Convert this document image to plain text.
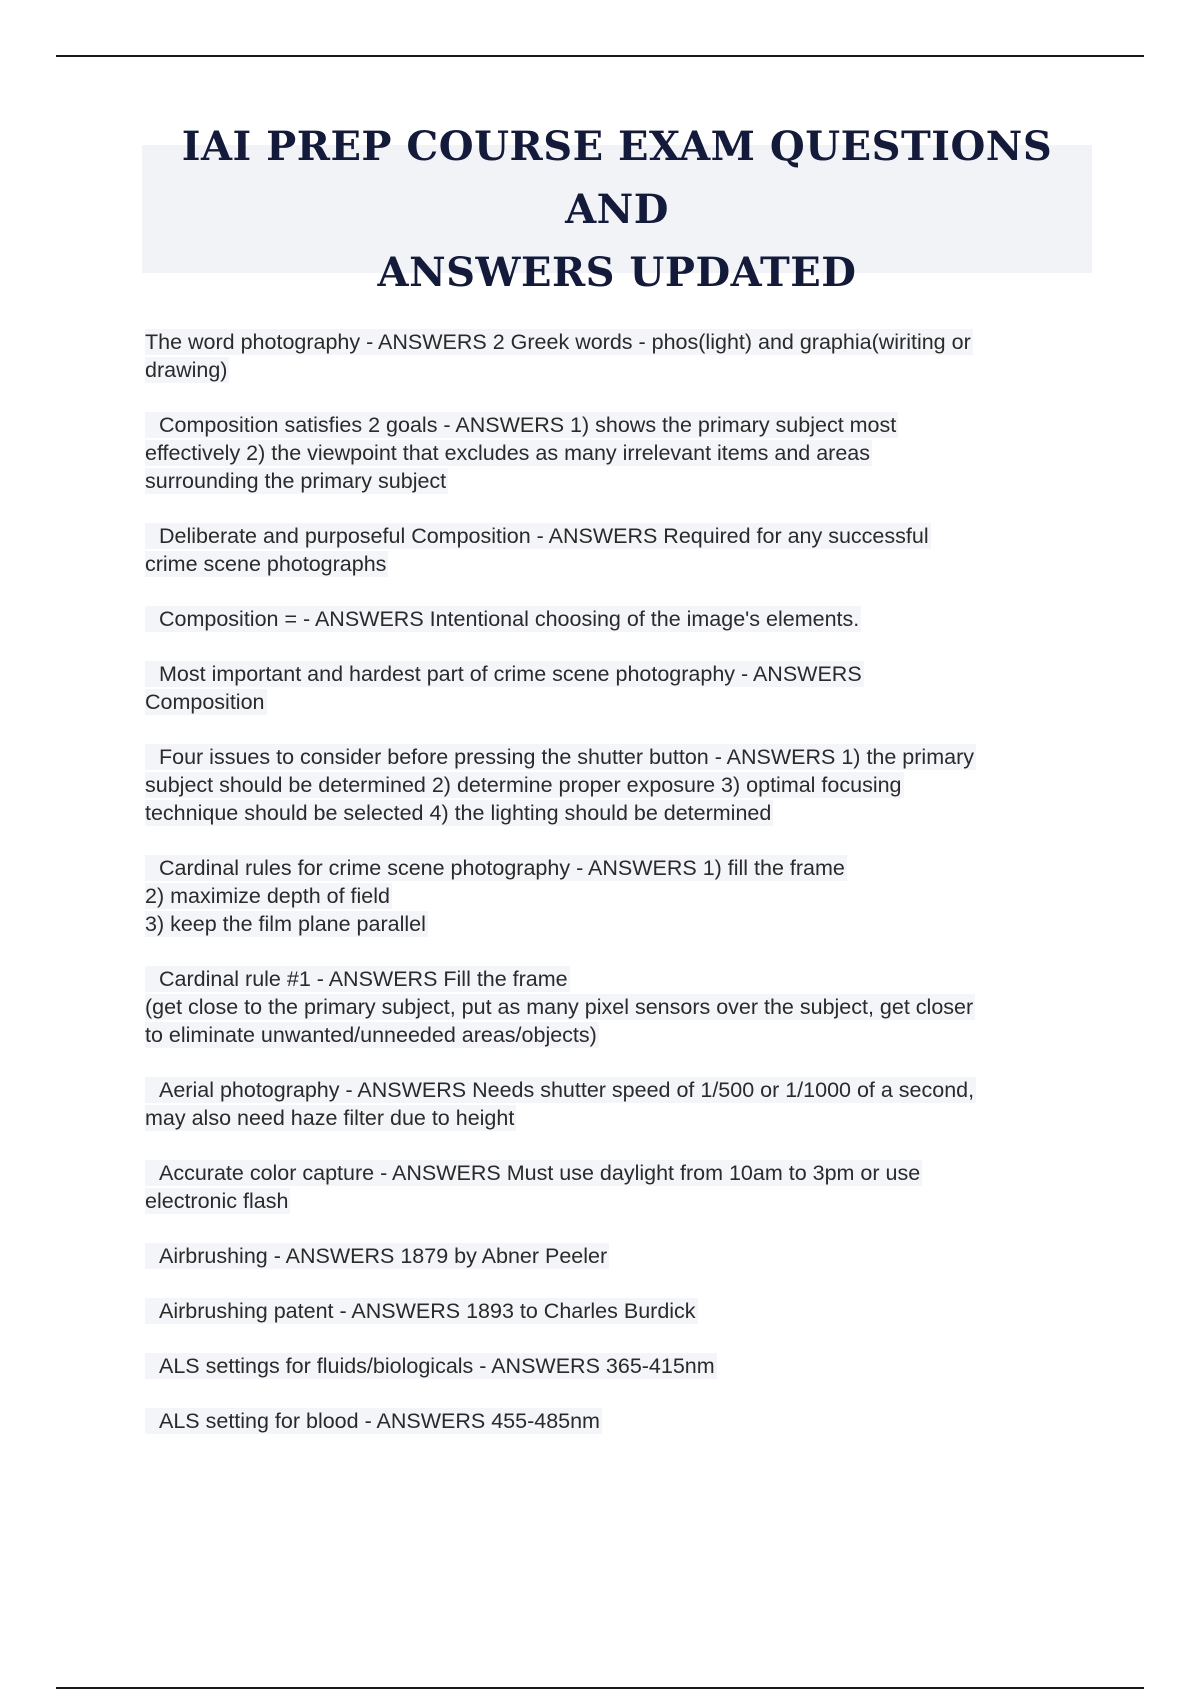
IAI PREP COURSE EXAM QUESTIONS AND
ANSWERS UPDATED

The word photography - ANSWERS 2 Greek words - phos(light) and graphia(wiriting or
drawing)

Composition satisfies 2 goals - ANSWERS 1) shows the primary subject most
effectively 2) the viewpoint that excludes as many irrelevant items and areas
surrounding the primary subject

Deliberate and purposeful Composition - ANSWERS Required for any successful
crime scene photographs

Composition = - ANSWERS Intentional choosing of the image's elements.

Most important and hardest part of crime scene photography - ANSWERS
Composition

Four issues to consider before pressing the shutter button - ANSWERS 1) the primary
subject should be determined 2) determine proper exposure 3) optimal focusing
technique should be selected 4) the lighting should be determined

Cardinal rules for crime scene photography - ANSWERS 1) fill the frame
2) maximize depth of field
3) keep the film plane parallel

Cardinal rule #1 - ANSWERS Fill the frame
(get close to the primary subject, put as many pixel sensors over the subject, get closer
to eliminate unwanted/unneeded areas/objects)

Aerial photography - ANSWERS Needs shutter speed of 1/500 or 1/1000 of a second,
may also need haze filter due to height

Accurate color capture - ANSWERS Must use daylight from 10am to 3pm or use
electronic flash

Airbrushing - ANSWERS 1879 by Abner Peeler

Airbrushing patent - ANSWERS 1893 to Charles Burdick

ALS settings for fluids/biologicals - ANSWERS 365-415nm

ALS setting for blood - ANSWERS 455-485nm
